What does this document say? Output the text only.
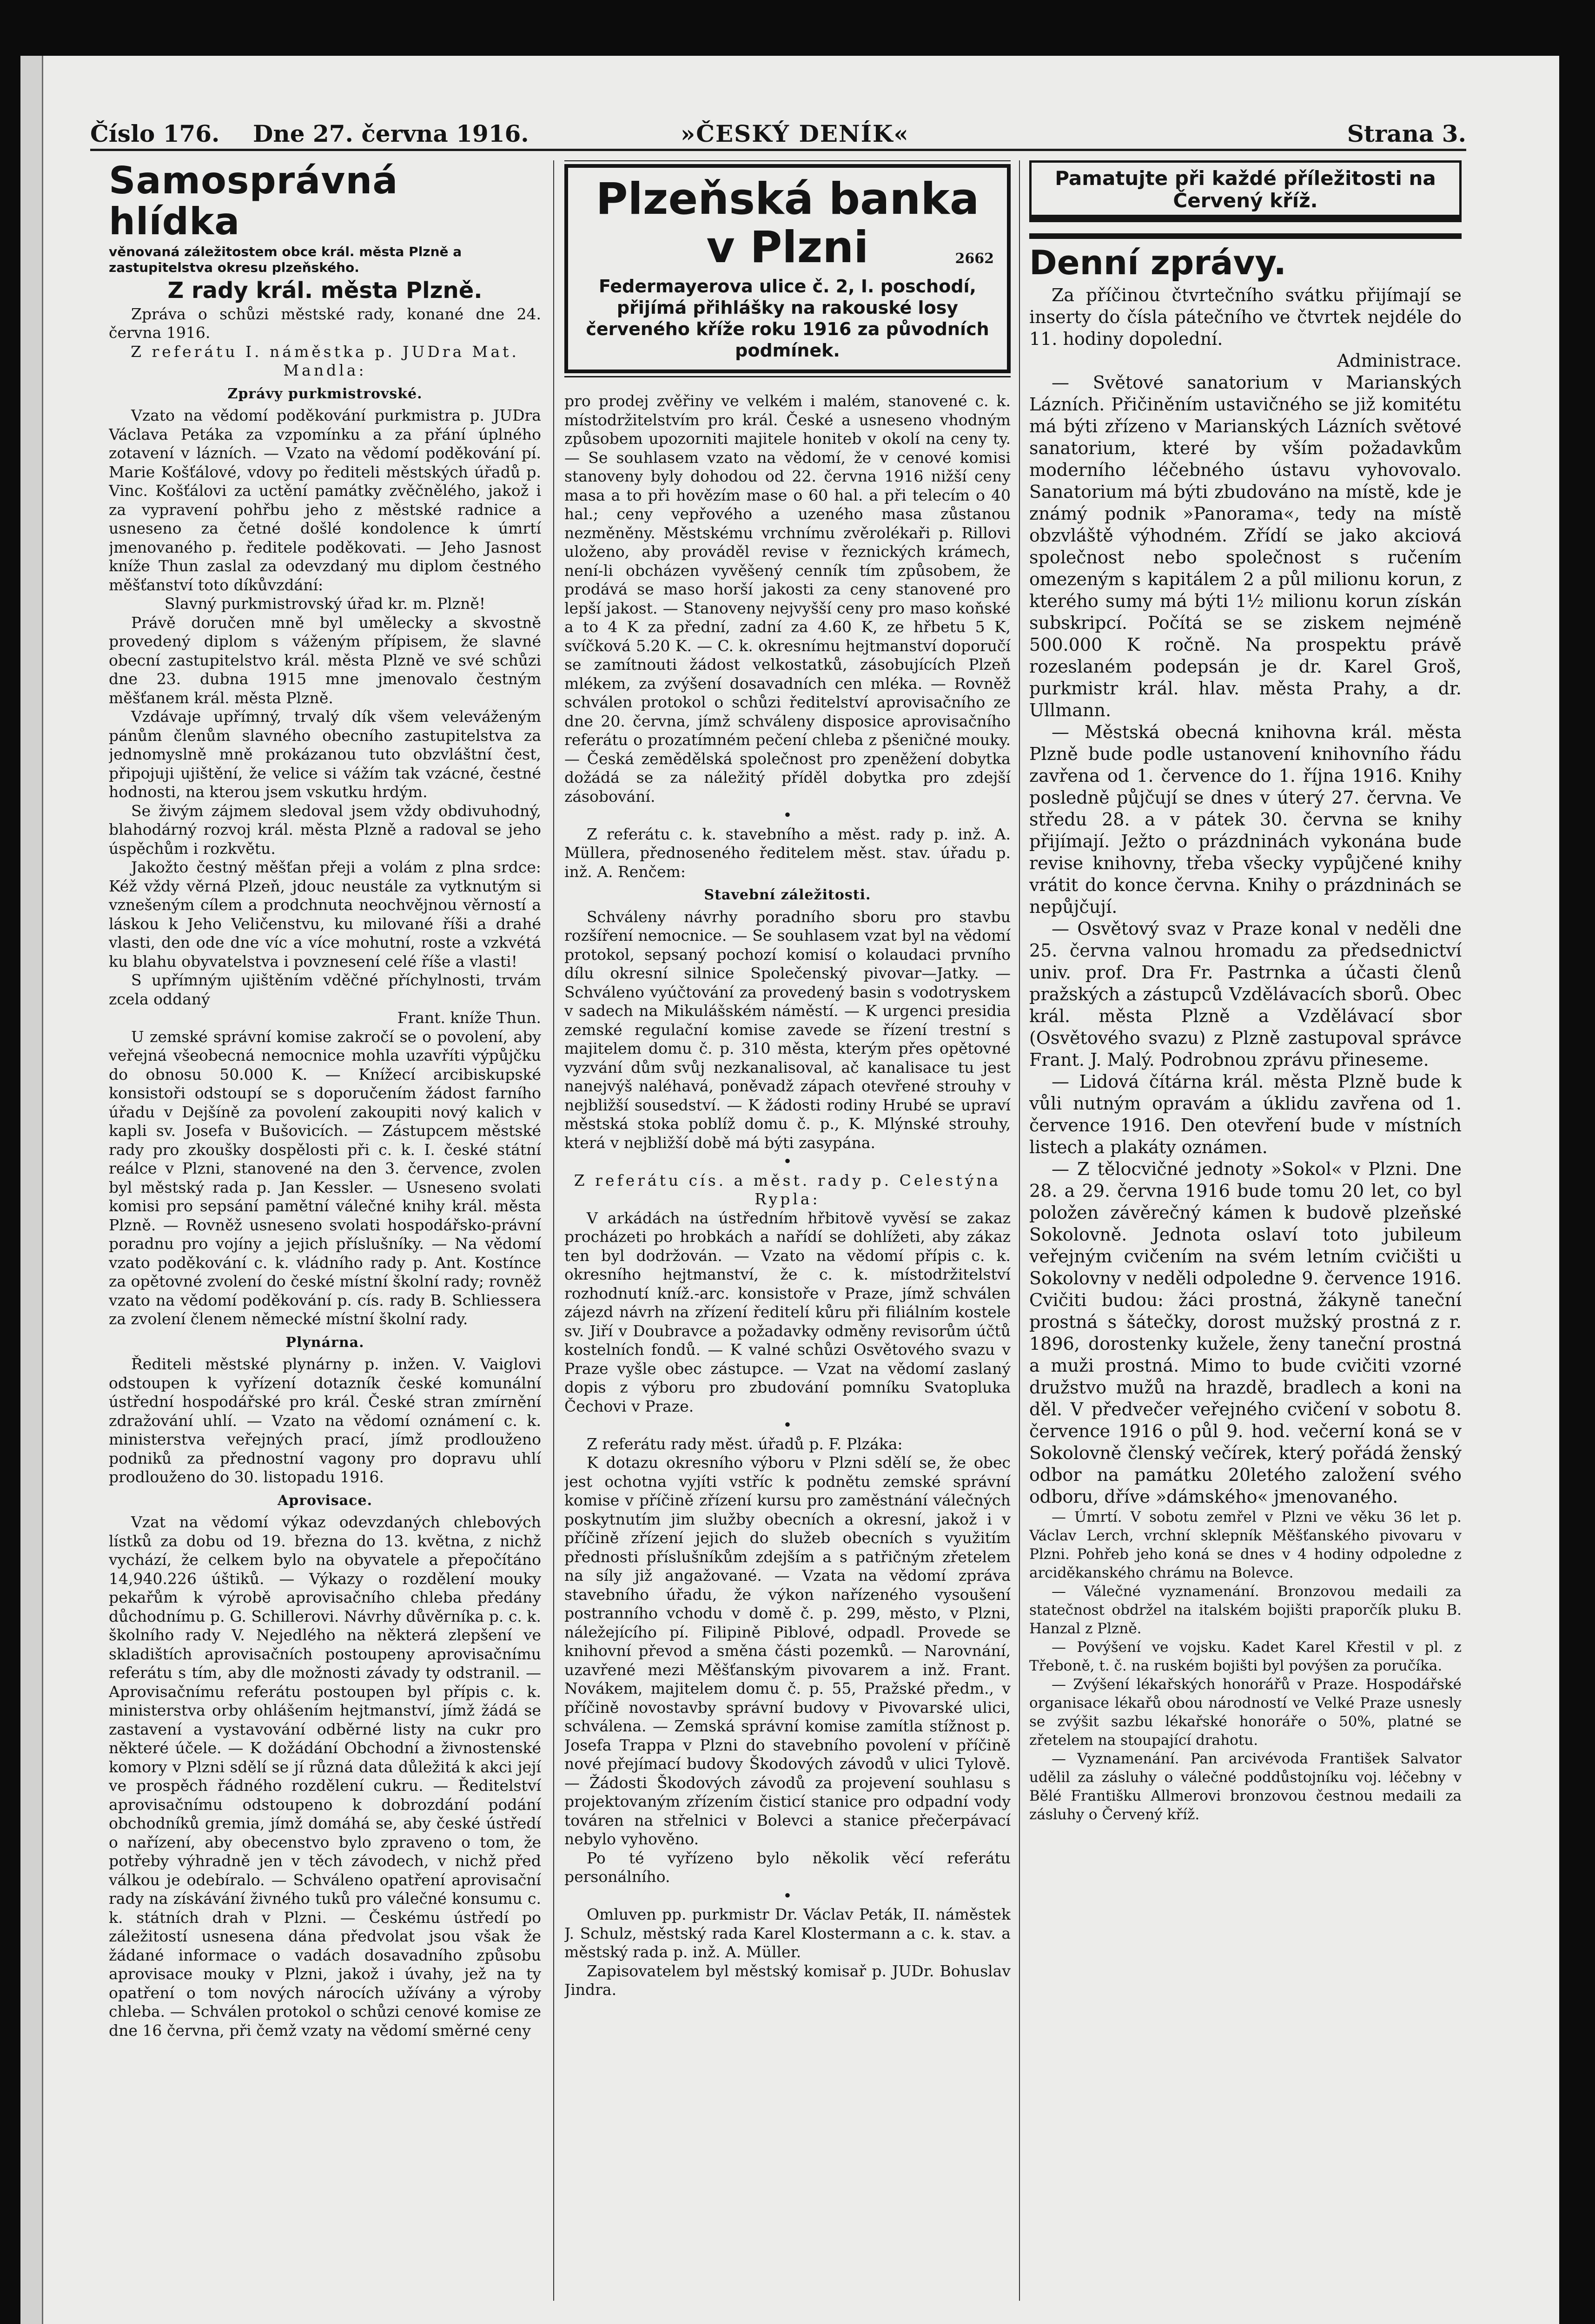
Číslo 176. Dne 27. června 1916.	»ČESKÝ DENÍK«	Strana 3.
Samosprávná hlídka
věnovaná záležitostem obce král. města Plzně a zastupitelstva okresu plzeňského.
Z rady král. města Plzně.

Zpráva o schůzi městské rady, konané dne 24. června 1916.

Z referátu I. náměstka p. JUDra Mat. Mandla:

Zprávy purkmistrovské.

Vzato na vědomí poděkování purkmistra p. JUDra Václava Petáka za vzpomínku a za přání úplného zotavení v lázních. — Vzato na vědomí poděkování pí. Marie Košťálové, vdovy po řediteli městských úřadů p. Vinc. Košťálovi za uctění památky zvěčnělého, jakož i za vypravení pohřbu jeho z městské radnice a usneseno za četné došlé kondolence k úmrtí jmenovaného p. ředitele poděkovati. — Jeho Jasnost kníže Thun zaslal za odevzdaný mu diplom čestného měšťanství toto díkůvzdání:

Slavný purkmistrovský úřad kr. m. Plzně!

Právě doručen mně byl umělecky a skvostně provedený diplom s váženým přípisem, že slavné obecní zastupitelstvo král. města Plzně ve své schůzi dne 23. dubna 1915 mne jmenovalo čestným měšťanem král. města Plzně.

Vzdávaje upřímný, trvalý dík všem veleváženým pánům členům slavného obecního zastupitelstva za jednomyslně mně prokázanou tuto obzvláštní čest, připojuji ujištění, že velice si vážím tak vzácné, čestné hodnosti, na kterou jsem vskutku hrdým.

Se živým zájmem sledoval jsem vždy obdivuhodný, blahodárný rozvoj král. města Plzně a radoval se jeho úspěchům i rozkvětu.

Jakožto čestný měšťan přeji a volám z plna srdce: Kéž vždy věrná Plzeň, jdouc neustále za vytknutým si vznešeným cílem a prodchnuta neochvějnou věrností a láskou k Jeho Veličenstvu, ku milované říši a drahé vlasti, den ode dne víc a více mohutní, roste a vzkvétá ku blahu obyvatelstva i povznesení celé říše a vlasti!

S upřímným ujištěním vděčné příchylnosti, trvám zcela oddaný

Frant. kníže Thun.

U zemské správní komise zakročí se o povolení, aby veřejná všeobecná nemocnice mohla uzavříti výpůjčku do obnosu 50.000 K. — Knížecí arcibiskupské konsistoři odstoupí se s doporučením žádost farního úřadu v Dejšíně za povolení zakoupiti nový kalich v kapli sv. Josefa v Bušovicích. — Zástupcem městské rady pro zkoušky dospělosti při c. k. I. české státní reálce v Plzni, stanovené na den 3. července, zvolen byl městský rada p. Jan Kessler. — Usneseno svolati komisi pro sepsání pamětní válečné knihy král. města Plzně. — Rovněž usneseno svolati hospodářsko-právní poradnu pro vojíny a jejich příslušníky. — Na vědomí vzato poděkování c. k. vládního rady p. Ant. Kostínce za opětovné zvolení do české místní školní rady; rovněž vzato na vědomí poděkování p. cís. rady B. Schliessera za zvolení členem německé místní školní rady.

Plynárna.

Řediteli městské plynárny p. inžen. V. Vaiglovi odstoupen k vyřízení dotazník české komunální ústřední hospodářské pro král. České stran zmírnění zdražování uhlí. — Vzato na vědomí oznámení c. k. ministerstva veřejných prací, jímž prodlouženo podniků za přednostní vagony pro dopravu uhlí prodlouženo do 30. listopadu 1916.

Aprovisace.

Vzat na vědomí výkaz odevzdaných chlebových lístků za dobu od 19. března do 13. května, z nichž vychází, že celkem bylo na obyvatele a přepočítáno 14,940.226 úštiků. — Výkazy o rozdělení mouky pekařům k výrobě aprovisačního chleba předány důchodnímu p. G. Schillerovi. Návrhy důvěrníka p. c. k. školního rady V. Nejedlého na některá zlepšení ve skladištích aprovisačních postoupeny aprovisačnímu referátu s tím, aby dle možnosti závady ty odstranil. — Aprovisačnímu referátu postoupen byl přípis c. k. ministerstva orby ohlášením hejtmanství, jímž žádá se zastavení a vystavování odběrné listy na cukr pro některé účele. — K dožádání Obchodní a živnostenské komory v Plzni sdělí se jí různá data důležitá k akci její ve prospěch řádného rozdělení cukru. — Ředitelství aprovisačnímu odstoupeno k dobrozdání podání obchodníků gremia, jímž domáhá se, aby české ústředí o nařízení, aby obecenstvo bylo zpraveno o tom, že potřeby výhradně jen v těch závodech, v nichž před válkou je odebíralo. — Schváleno opatření aprovisační rady na získávání živného tuků pro válečné konsumu c. k. státních drah v Plzni. — Českému ústředí po záležitostí usnesena dána předvolat jsou však že žádané informace o vadách dosavadního způsobu aprovisace mouky v Plzni, jakož i úvahy, jež na ty opatření o tom nových nárocích užívány a výroby chleba. — Schválen protokol o schůzi cenové komise ze dne 16 června, při čemž vzaty na vědomí směrné ceny

Plzeňská banka v Plzni	2662
Federmayerova ulice č. 2, I. poschodí, přijímá přihlášky na rakouské losy červeného kříže roku 1916 za původních podmínek.

pro prodej zvěřiny ve velkém i malém, stanovené c. k. místodržitelstvím pro král. České a usneseno vhodným způsobem upozorniti majitele honiteb v okolí na ceny ty. — Se souhlasem vzato na vědomí, že v cenové komisi stanoveny byly dohodou od 22. června 1916 nižší ceny masa a to při hovězím mase o 60 hal. a při telecím o 40 hal.; ceny vepřového a uzeného masa zůstanou nezměněny. Městskému vrchnímu zvěrolékaři p. Rillovi uloženo, aby prováděl revise v řeznických krámech, není-li obcházen vyvěšený cenník tím způsobem, že prodává se maso horší jakosti za ceny stanovené pro lepší jakost. — Stanoveny nejvyšší ceny pro maso koňské a to 4 K za přední, zadní za 4.60 K, ze hřbetu 5 K, svíčková 5.20 K. — C. k. okresnímu hejtmanství doporučí se zamítnouti žádost velkostatků, zásobujících Plzeň mlékem, za zvýšení dosavadních cen mléka. — Rovněž schválen protokol o schůzi ředitelství aprovisačního ze dne 20. června, jímž schváleny disposice aprovisačního referátu o prozatímném pečení chleba z pšeničné mouky. — Česká zemědělská společnost pro zpeněžení dobytka dožádá se za náležitý příděl dobytka pro zdejší zásobování.

•

Z referátu c. k. stavebního a měst. rady p. inž. A. Müllera, přednoseného ředitelem měst. stav. úřadu p. inž. A. Renčem:

Stavební záležitosti.

Schváleny návrhy poradního sboru pro stavbu rozšíření nemocnice. — Se souhlasem vzat byl na vědomí protokol, sepsaný pochozí komisí o kolaudaci prvního dílu okresní silnice Společenský pivovar—Jatky. — Schváleno vyúčtování za provedený basin s vodotryskem v sadech na Mikulášském náměstí. — K urgenci presidia zemské regulační komise zavede se řízení trestní s majitelem domu č. p. 310 města, kterým přes opětovné vyzvání dům svůj nezkanalisoval, ač kanalisace tu jest nanejvýš naléhavá, poněvadž zápach otevřené strouhy v nejbližší sousedství. — K žádosti rodiny Hrubé se upraví městská stoka poblíž domu č. p., K. Mlýnské strouhy, která v nejbližší době má býti zasypána.

•

Z referátu cís. a měst. rady p. Celestýna Rypla:

V arkádách na ústředním hřbitově vyvěsí se zakaz procházeti po hrobkách a nařídí se dohlížeti, aby zákaz ten byl dodržován. — Vzato na vědomí přípis c. k. okresního hejtmanství, že c. k. místodržitelství rozhodnutí kníž.-arc. konsistoře v Praze, jímž schválen zájezd návrh na zřízení ředitelí kůru při filiálním kostele sv. Jiří v Doubravce a požadavky odměny revisorům účtů kostelních fondů. — K valné schůzi Osvětového svazu v Praze vyšle obec zástupce. — Vzat na vědomí zaslaný dopis z výboru pro zbudování pomníku Svatopluka Čechovi v Praze.

•

Z referátu rady měst. úřadů p. F. Plzáka:

K dotazu okresního výboru v Plzni sdělí se, že obec jest ochotna vyjíti vstříc k podnětu zemské správní komise v příčině zřízení kursu pro zaměstnání válečných poskytnutím jim služby obecních a okresní, jakož i v příčině zřízení jejich do služeb obecních s využitím přednosti příslušníkům zdejším a s patřičným zřetelem na síly již angažované. — Vzata na vědomí zpráva stavebního úřadu, že výkon nařízeného vysoušení postranního vchodu v domě č. p. 299, město, v Plzni, náležejícího pí. Filipině Piblové, odpadl. Provede se knihovní převod a směna části pozemků. — Narovnání, uzavřené mezi Měšťanským pivovarem a inž. Frant. Novákem, majitelem domu č. p. 55, Pražské předm., v příčině novostavby správní budovy v Pivovarské ulici, schválena. — Zemská správní komise zamítla stížnost p. Josefa Trappa v Plzni do stavebního povolení v příčině nové přejímací budovy Škodových závodů v ulici Tylově. — Žádosti Škodových závodů za projevení souhlasu s projektovaným zřízením čisticí stanice pro odpadní vody továren na střelnici v Bolevci a stanice přečerpávací nebylo vyhověno.

Po té vyřízeno bylo několik věcí referátu personálního.

•

Omluven pp. purkmistr Dr. Václav Peták, II. náměstek J. Schulz, městský rada Karel Klostermann a c. k. stav. a městský rada p. inž. A. Müller.

Zapisovatelem byl městský komisař p. JUDr. Bohuslav Jindra.

Pamatujte při každé příležitosti na Červený kříž.
Denní zprávy.

Za příčinou čtvrtečního svátku přijímají se inserty do čísla pátečního ve čtvrtek nejdéle do 11. hodiny dopolední.

Administrace.

— Světové sanatorium v Marianských Lázních. Přičiněním ustavičného se již komitétu má býti zřízeno v Marianských Lázních světové sanatorium, které by vším požadavkům moderního léčebného ústavu vyhovovalo. Sanatorium má býti zbudováno na místě, kde je známý podnik »Panorama«, tedy na místě obzvláště výhodném. Zřídí se jako akciová společnost nebo společnost s ručením omezeným s kapitálem 2 a půl milionu korun, z kterého sumy má býti 1½ milionu korun získán subskripcí. Počítá se se ziskem nejméně 500.000 K ročně. Na prospektu právě rozeslaném podepsán je dr. Karel Groš, purkmistr král. hlav. města Prahy, a dr. Ullmann.

— Městská obecná knihovna král. města Plzně bude podle ustanovení knihovního řádu zavřena od 1. července do 1. října 1916. Knihy posledně půjčují se dnes v úterý 27. června. Ve středu 28. a v pátek 30. června se knihy přijímají. Ježto o prázdninách vykonána bude revise knihovny, třeba všecky vypůjčené knihy vrátit do konce června. Knihy o prázdninách se nepůjčují.

— Osvětový svaz v Praze konal v neděli dne 25. června valnou hromadu za předsednictví univ. prof. Dra Fr. Pastrnka a účasti členů pražských a zástupců Vzdělávacích sborů. Obec král. města Plzně a Vzdělávací sbor (Osvětového svazu) z Plzně zastupoval správce Frant. J. Malý. Podrobnou zprávu přineseme.

— Lidová čítárna král. města Plzně bude k vůli nutným opravám a úklidu zavřena od 1. července 1916. Den otevření bude v místních listech a plakáty oznámen.

— Z tělocvičné jednoty »Sokol« v Plzni. Dne 28. a 29. června 1916 bude tomu 20 let, co byl položen závěrečný kámen k budově plzeňské Sokolovně. Jednota oslaví toto jubileum veřejným cvičením na svém letním cvičišti u Sokolovny v neděli odpoledne 9. července 1916. Cvičiti budou: žáci prostná, žákyně taneční prostná s šátečky, dorost mužský prostná z r. 1896, dorostenky kužele, ženy taneční prostná a muži prostná. Mimo to bude cvičiti vzorné družstvo mužů na hrazdě, bradlech a koni na děl. V předvečer veřejného cvičení v sobotu 8. července 1916 o půl 9. hod. večerní koná se v Sokolovně členský večírek, který pořádá ženský odbor na památku 20letého založení svého odboru, dříve »dámského« jmenovaného.

— Úmrtí. V sobotu zemřel v Plzni ve věku 36 let p. Václav Lerch, vrchní sklepník Měšťanského pivovaru v Plzni. Pohřeb jeho koná se dnes v 4 hodiny odpoledne z arciděkanského chrámu na Bolevce.

— Válečné vyznamenání. Bronzovou medaili za statečnost obdržel na italském bojišti praporčík pluku B. Hanzal z Plzně.

— Povýšení ve vojsku. Kadet Karel Křestil v pl. z Třeboně, t. č. na ruském bojišti byl povýšen za poručíka.

— Zvýšení lékařských honorářů v Praze. Hospodářské organisace lékařů obou národností ve Velké Praze usnesly se zvýšit sazbu lékařské honoráře o 50%, platné se zřetelem na stoupající drahotu.

— Vyznamenání. Pan arcivévoda František Salvator udělil za zásluhy o válečné poddůstojníku voj. léčebny v Bělé Františku Allmerovi bronzovou čestnou medaili za zásluhy o Červený kříž.
